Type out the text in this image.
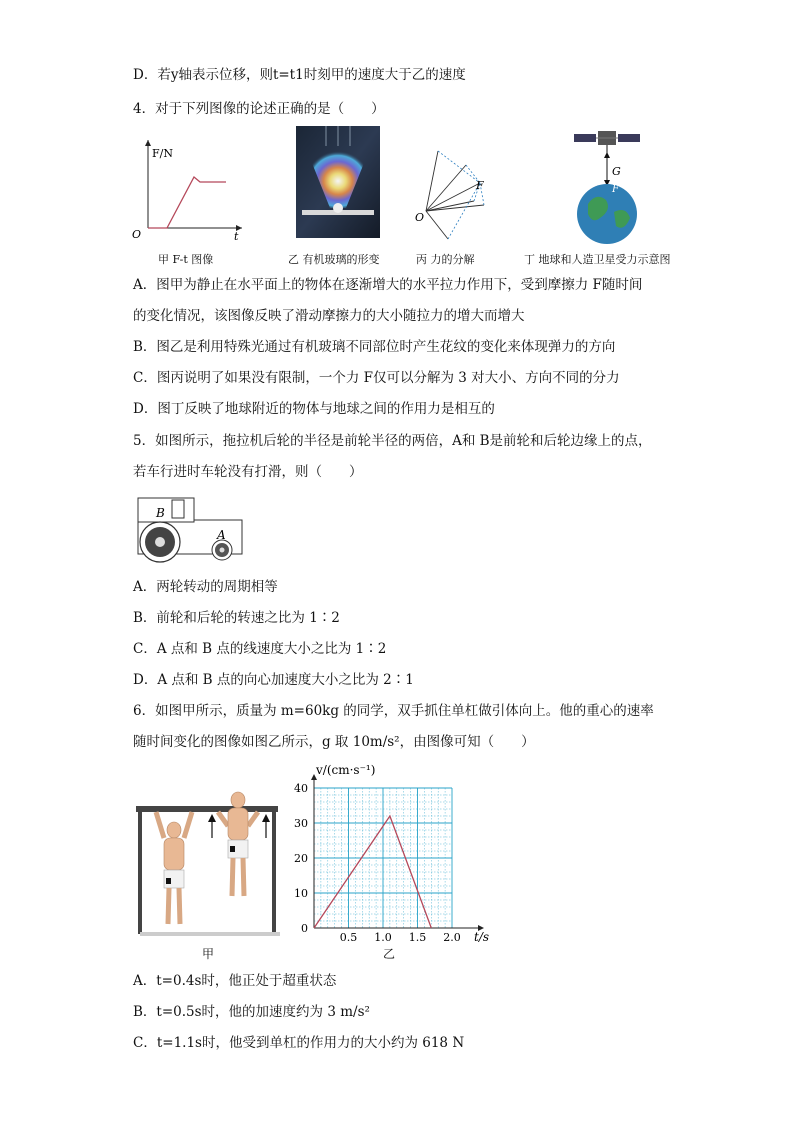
D．若y轴表示位移，则t=t1时刻甲的速度大于乙的速度
4．对于下列图像的论述正确的是（　　）
F/N
t
O
F
O
G
F
甲 F-t 图像	乙 有机玻璃的形变	丙 力的分解	丁 地球和人造卫星受力示意图
A．图甲为静止在水平面上的物体在逐渐增大的水平拉力作用下，受到摩擦力 F随时间
的变化情况，该图像反映了滑动摩擦力的大小随拉力的增大而增大
B．图乙是利用特殊光通过有机玻璃不同部位时产生花纹的变化来体现弹力的方向
C．图丙说明了如果没有限制，一个力 F仅可以分解为 3 对大小、方向不同的分力
D．图丁反映了地球附近的物体与地球之间的作用力是相互的
5．如图所示，拖拉机后轮的半径是前轮半径的两倍，A和 B是前轮和后轮边缘上的点，
若车行进时车轮没有打滑，则（　　）
B
A
A．两轮转动的周期相等
B．前轮和后轮的转速之比为 1∶2
C．A 点和 B 点的线速度大小之比为 1∶2
D．A 点和 B 点的向心加速度大小之比为 2∶1
6．如图甲所示，质量为 m=60kg 的同学，双手抓住单杠做引体向上。他的重心的速率
随时间变化的图像如图乙所示，g 取 10m/s²，由图像可知（　　）
0
10
20
30
40
0.5 1.0 1.5 2.0
v/(cm·s⁻¹)
t/s
甲	乙
A．t=0.4s时，他正处于超重状态
B．t=0.5s时，他的加速度约为 3 m/s²
C．t=1.1s时，他受到单杠的作用力的大小约为 618 N
